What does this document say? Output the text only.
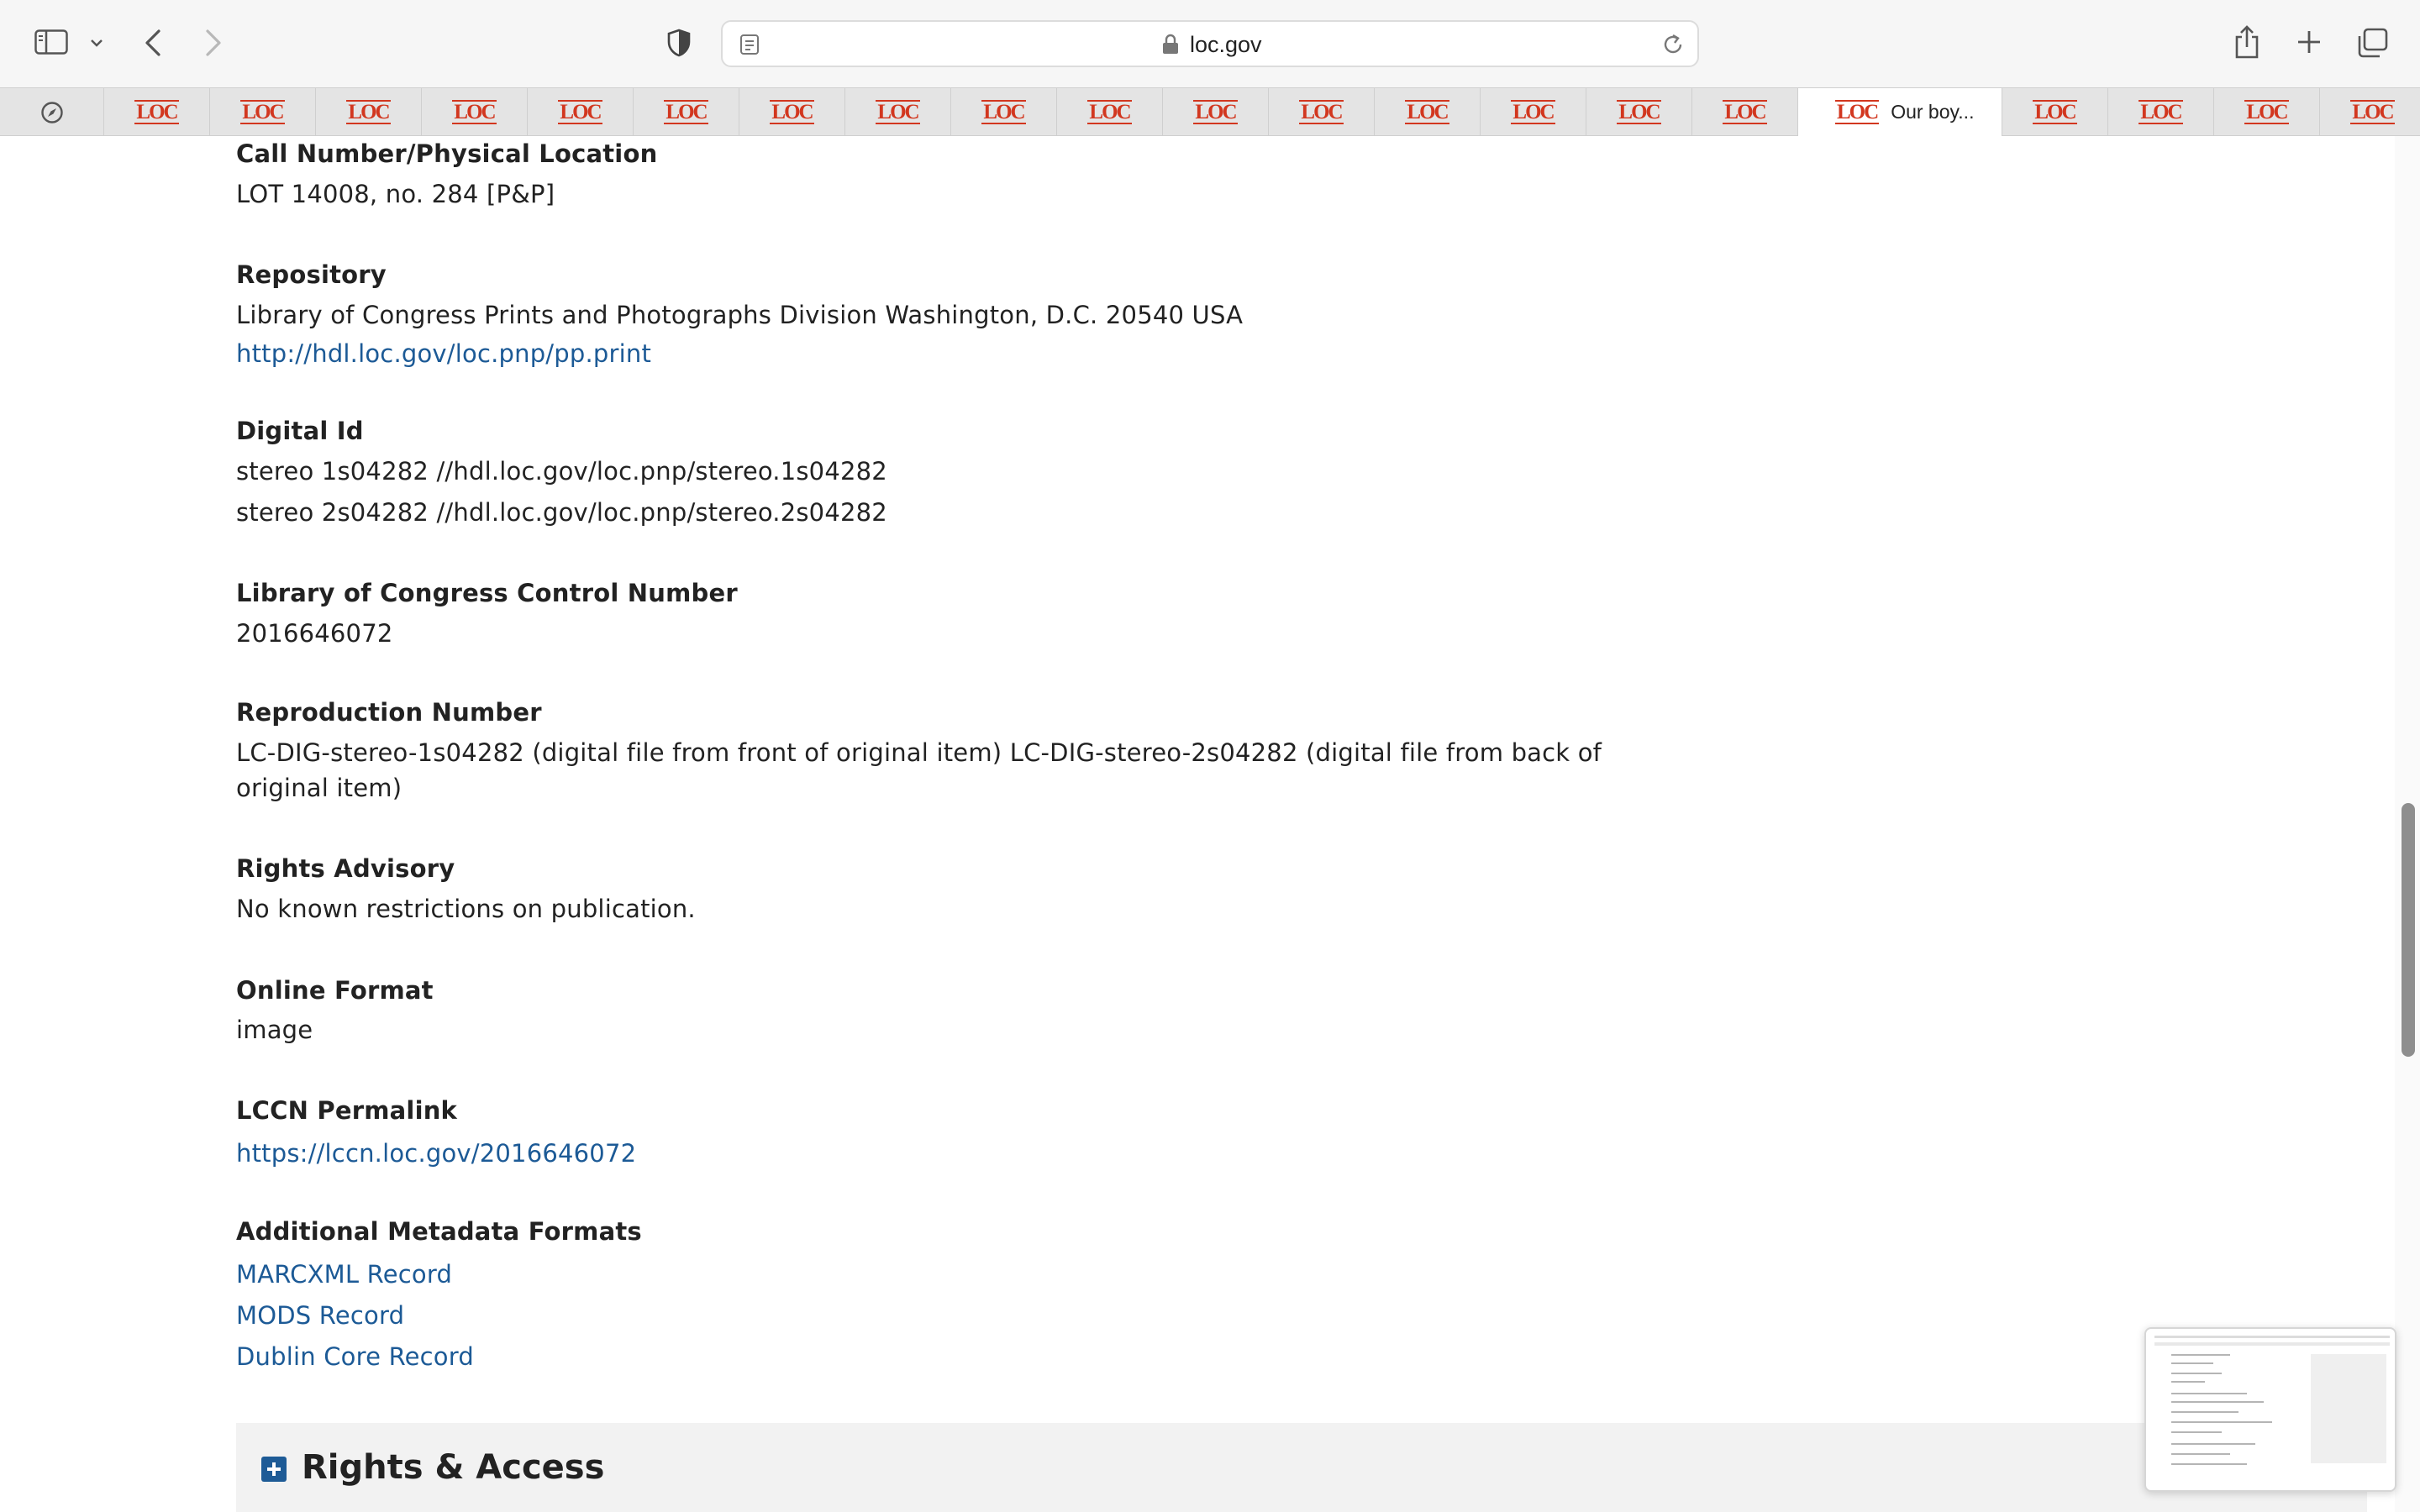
loc.gov
LOC	LOC	LOC	LOC	LOC	LOC	LOC	LOC	LOC	LOC	LOC	LOC	LOC	LOC	LOC	LOC	LOC Our boy...	LOC	LOC	LOC	LOC
Call Number/Physical Location
LOT 14008, no. 284 [P&P]
Repository
Library of Congress Prints and Photographs Division Washington, D.C. 20540 USA
http://hdl.loc.gov/loc.pnp/pp.print
Digital Id
stereo 1s04282 //hdl.loc.gov/loc.pnp/stereo.1s04282
stereo 2s04282 //hdl.loc.gov/loc.pnp/stereo.2s04282
Library of Congress Control Number
2016646072
Reproduction Number
LC-DIG-stereo-1s04282 (digital file from front of original item) LC-DIG-stereo-2s04282 (digital file from back of
original item)
Rights Advisory
No known restrictions on publication.
Online Format
image
LCCN Permalink
https://lccn.loc.gov/2016646072
Additional Metadata Formats
MARCXML Record
MODS Record
Dublin Core Record
Rights & Access
